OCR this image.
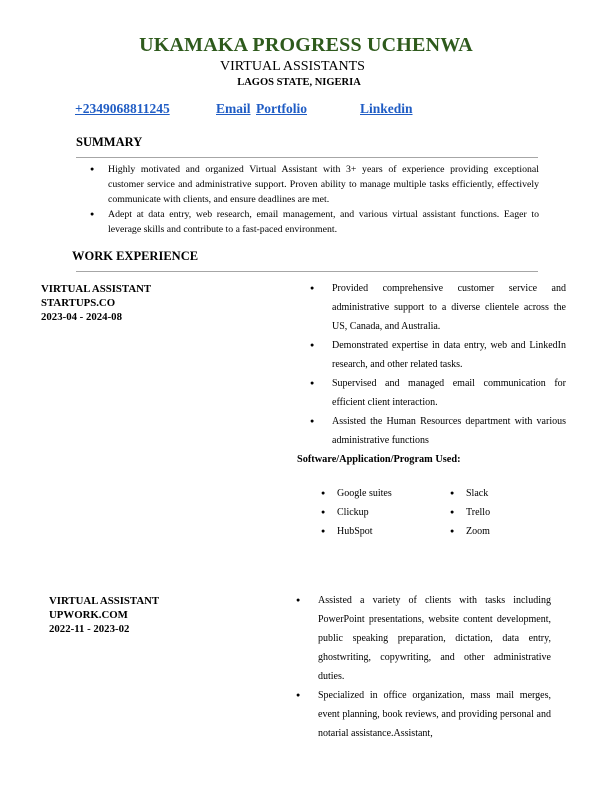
UKAMAKA PROGRESS UCHENWA
VIRTUAL ASSISTANTS
LAGOS STATE, NIGERIA
+2349068811245	Email Portfolio	Linkedin
SUMMARY
● Highly motivated and organized Virtual Assistant with 3+ years of experience providing exceptional customer service and administrative support. Proven ability to manage multiple tasks efficiently, effectively communicate with clients, and ensure deadlines are met.
● Adept at data entry, web research, email management, and various virtual assistant functions. Eager to leverage skills and contribute to a fast-paced environment.
WORK EXPERIENCE
VIRTUAL ASSISTANT
STARTUPS.CO
2023-04 - 2024-08
● Provided comprehensive customer service and administrative support to a diverse clientele across the US, Canada, and Australia.
● Demonstrated expertise in data entry, web and LinkedIn research, and other related tasks.
● Supervised and managed email communication for efficient client interaction.
● Assisted the Human Resources department with various administrative functions
Software/Application/Program Used:
● Google suites	● Slack
● Clickup	● Trello
● HubSpot	● Zoom
VIRTUAL ASSISTANT
UPWORK.COM
2022-11 - 2023-02
● Assisted a variety of clients with tasks including PowerPoint presentations, website content development, public speaking preparation, dictation, data entry, ghostwriting, copywriting, and other administrative duties.
● Specialized in office organization, mass mail merges, event planning, book reviews, and providing personal and notarial assistance.Assistant,
